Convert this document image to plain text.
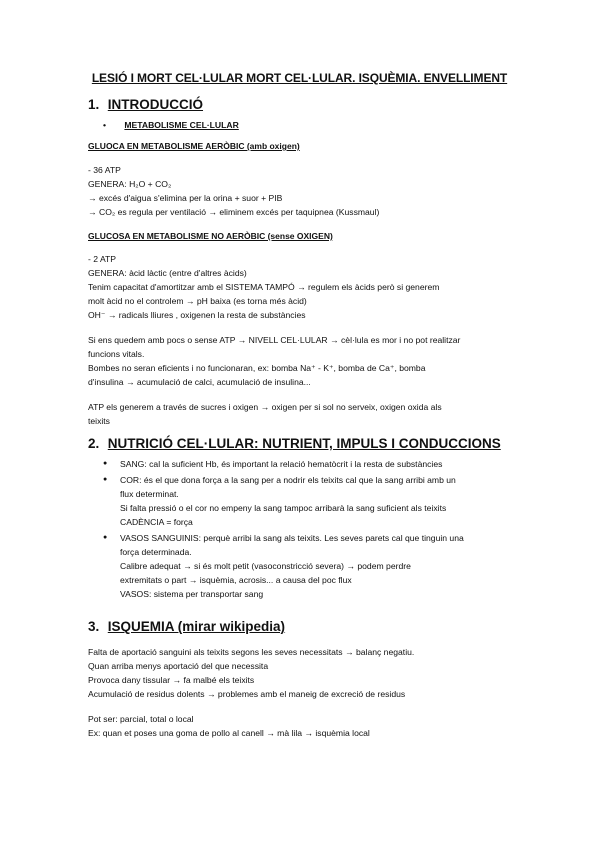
LESIÓ I MORT CEL·LULAR MORT CEL·LULAR. ISQUÈMIA. ENVELLIMENT
1. INTRODUCCIÓ
• METABOLISME CEL·LULAR
GLUOCA EN METABOLISME AERÒBIC (amb oxigen)
- 36 ATP
GENERA: H₂O + CO₂
→ excés d'aigua s'elimina per la orina + suor + PIB
→ CO₂ es regula per ventilació → eliminem excés per taquipnea (Kussmaul)
GLUCOSA EN METABOLISME NO AERÒBIC (sense OXIGEN)
- 2 ATP
GENERA: àcid làctic (entre d'altres àcids)
Tenim capacitat d'amortitzar amb el SISTEMA TAMPÓ → regulem els àcids però si generem
molt àcid no el controlem → pH baixa (es torna més àcid)
OH⁻ → radicals lliures , oxigenen la resta de substàncies
Si ens quedem amb pocs o sense ATP → NIVELL CEL·LULAR → cèl·lula es mor i no pot realitzar
funcions vitals.
Bombes no seran eficients i no funcionaran, ex: bomba Na⁺ - K⁺, bomba de Ca⁺, bomba
d'insulina → acumulació de calci, acumulació de insulina...
ATP els generem a través de sucres i oxigen → oxigen per si sol no serveix, oxigen oxida als
teixits
2. NUTRICIÓ CEL·LULAR: NUTRIENT, IMPULS I CONDUCCIONS
● SANG: cal la suficient Hb, és important la relació hematòcrit i la resta de substàncies
● COR: és el que dona força a la sang per a nodrir els teixits cal que la sang arribi amb un
flux determinat.
Si falta pressió o el cor no empeny la sang tampoc arribarà la sang suficient als teixits
CADÈNCIA = força
● VASOS SANGUINIS: perquè arribi la sang als teixits. Les seves parets cal que tinguin una
força determinada.
Calibre adequat → si és molt petit (vasoconstricció severa) → podem perdre
extremitats o part → isquèmia, acrosis... a causa del poc flux
VASOS: sistema per transportar sang
3. ISQUEMIA (mirar wikipedia)
Falta de aportació sanguini als teixits segons les seves necessitats → balanç negatiu.
Quan arriba menys aportació del que necessita
Provoca dany tissular → fa malbé els teixits
Acumulació de residus dolents → problemes amb el maneig de excreció de residus
Pot ser: parcial, total o local
Ex: quan et poses una goma de pollo al canell → mà lila → isquèmia local
